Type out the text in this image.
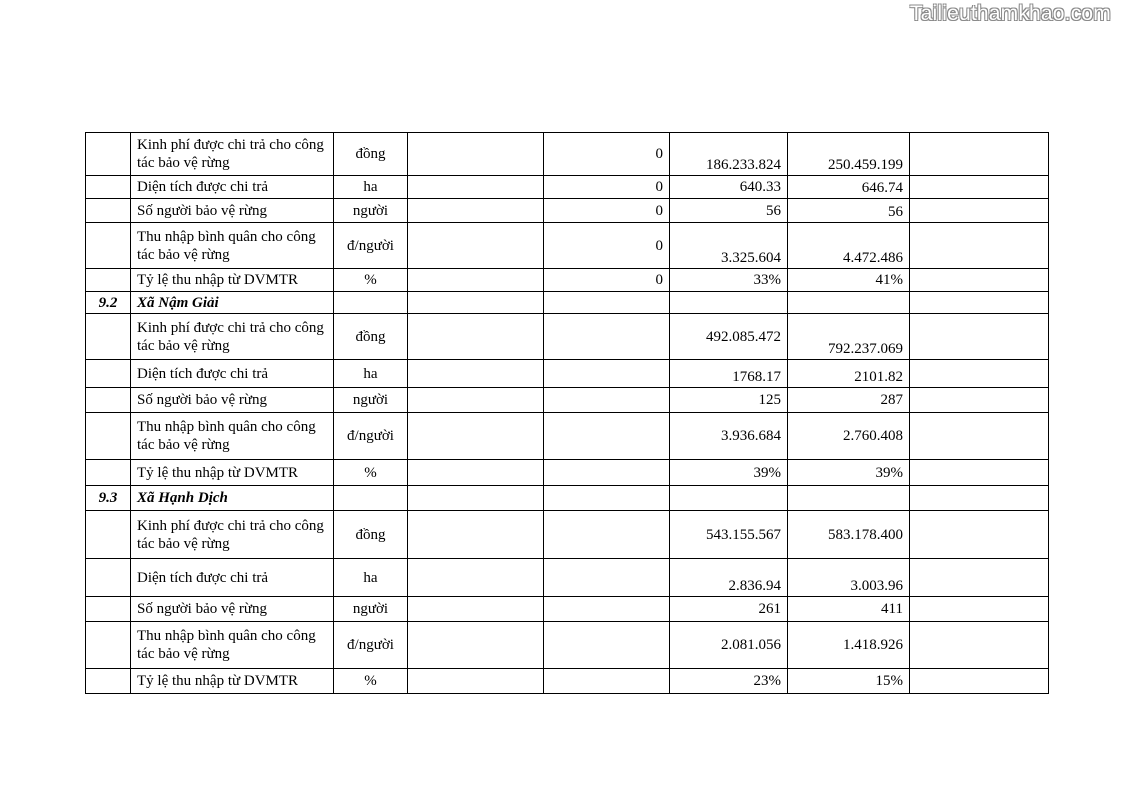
Tailieuthamkhao.com
	Kinh phí được chi trả cho công tác bảo vệ rừng	đồng		0	186.233.824	250.459.199	
	Diện tích được chi trả	ha		0	640.33	646.74	
	Số người bảo vệ rừng	người		0	56	56	
	Thu nhập bình quân cho công tác bảo vệ rừng	đ/người		0	3.325.604	4.472.486	
	Tỷ lệ thu nhập từ DVMTR	%		0	33%	41%	
9.2	Xã Nậm Giải						
	Kinh phí được chi trả cho công tác bảo vệ rừng	đồng			492.085.472	792.237.069	
	Diện tích được chi trả	ha			1768.17	2101.82	
	Số người bảo vệ rừng	người			125	287	
	Thu nhập bình quân cho công tác bảo vệ rừng	đ/người			3.936.684	2.760.408	
	Tỷ lệ thu nhập từ DVMTR	%			39%	39%	
9.3	Xã Hạnh Dịch						
	Kinh phí được chi trả cho công tác bảo vệ rừng	đồng			543.155.567	583.178.400	
	Diện tích được chi trả	ha			2.836.94	3.003.96	
	Số người bảo vệ rừng	người			261	411	
	Thu nhập bình quân cho công tác bảo vệ rừng	đ/người			2.081.056	1.418.926	
	Tỷ lệ thu nhập từ DVMTR	%			23%	15%	
